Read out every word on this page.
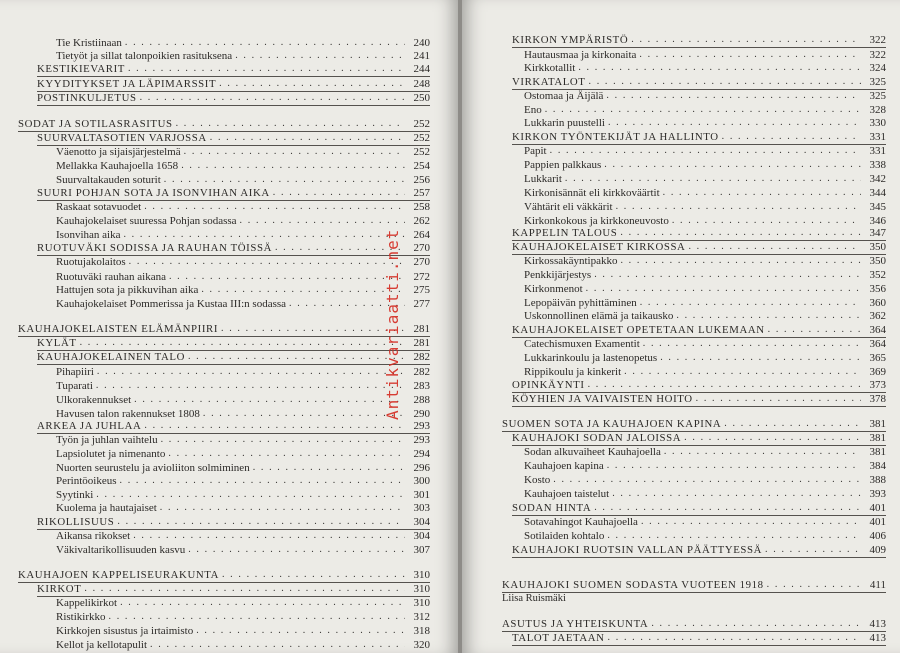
Tie Kristiinaan . . .	240
Tietyöt ja sillat talonpoikien rasituksena . . .	241
KESTIKIEVARIT . . .	244
KYYDITYKSET JA LÄPIMARSSIT . . .	248
POSTINKULJETUS . . .	250
SODAT JA SOTILASRASITUS . . .	252
SUURVALTASOTIEN VARJOSSA . . .	252
Väenotto ja sijaisjärjestelmä . . .	252
Mellakka Kauhajoella 1658 . . .	254
Suurvaltakauden soturit . . .	256
SUURI POHJAN SOTA JA ISONVIHAN AIKA . . .	257
Raskaat sotavuodet . . .	258
Kauhajokelaiset suuressa Pohjan sodassa . . .	262
Isonvihan aika . . .	264
RUOTUVÄKI SODISSA JA RAUHAN TÖISSÄ . . .	270
Ruotujakolaitos . . .	270
Ruotuväki rauhan aikana . . .	272
Hattujen sota ja pikkuvihan aika . . .	275
Kauhajokelaiset Pommerissa ja Kustaa III:n sodassa . . .	277
KAUHAJOKELAISTEN ELÄMÄNPIIRI . . .	281
KYLÄT . . .	281
KAUHAJOKELAINEN TALO . . .	282
Pihapiiri . . .	282
Tuparati . . .	283
Ulkorakennukset . . .	288
Havusen talon rakennukset 1808 . . .	290
ARKEA JA JUHLAA . . .	293
Työn ja juhlan vaihtelu . . .	293
Lapsiolutet ja nimenanto . . .	294
Nuorten seurustelu ja avioliiton solmiminen . . .	296
Perintöoikeus . . .	300
Syytinki . . .	301
Kuolema ja hautajaiset . . .	303
RIKOLLISUUS . . .	304
Aikansa rikokset . . .	304
Väkivaltarikollisuuden kasvu . . .	307
KAUHAJOEN KAPPELISEURAKUNTA . . .	310
KIRKOT . . .	310
Kappelikirkot . . .	310
Ristikirkko . . .	312
Kirkkojen sisustus ja irtaimisto . . .	318
Kellot ja kellotapulit . . .	320
KIRKON YMPÄRISTÖ . . .	322
Hautausmaa ja kirkonaita . . .	322
Kirkkotallit . . .	324
VIRKATALOT . . .	325
Ostomaa ja Äijälä . . .	325
Eno . . .	328
Lukkarin puustelli . . .	330
KIRKON TYÖNTEKIJÄT JA HALLINTO . . .	331
Papit . . .	331
Pappien palkkaus . . .	338
Lukkarit . . .	342
Kirkonisännät eli kirkkoväärtit . . .	344
Vähtärit eli väkkärit . . .	345
Kirkonkokous ja kirkkoneuvosto . . .	346
KAPPELIN TALOUS . . .	347
KAUHAJOKELAISET KIRKOSSA . . .	350
Kirkossakäyntipakko . . .	350
Penkkijärjestys . . .	352
Kirkonmenot . . .	356
Lepopäivän pyhittäminen . . .	360
Uskonnollinen elämä ja taikausko . . .	362
KAUHAJOKELAISET OPETETAAN LUKEMAAN . . .	364
Catechismuxen Examentit . . .	364
Lukkarinkoulu ja lastenopetus . . .	365
Rippikoulu ja kinkerit . . .	369
OPINKÄYNTI . . .	373
KÖYHIEN JA VAIVAISTEN HOITO . . .	378
SUOMEN SOTA JA KAUHAJOEN KAPINA . . .	381
KAUHAJOKI SODAN JALOISSA . . .	381
Sodan alkuvaiheet Kauhajoella . . .	381
Kauhajoen kapina . . .	384
Kosto . . .	388
Kauhajoen taistelut . . .	393
SODAN HINTA . . .	401
Sotavahingot Kauhajoella . . .	401
Sotilaiden kohtalo . . .	406
KAUHAJOKI RUOTSIN VALLAN PÄÄTTYESSÄ . . .	409
KAUHAJOKI SUOMEN SODASTA VUOTEEN 1918 . . .	411
ASUTUS JA YHTEISKUNTA . . .	413
TALOT JAETAAN . . .	413
Liisa Ruismäki
Antikvariaatti.net
